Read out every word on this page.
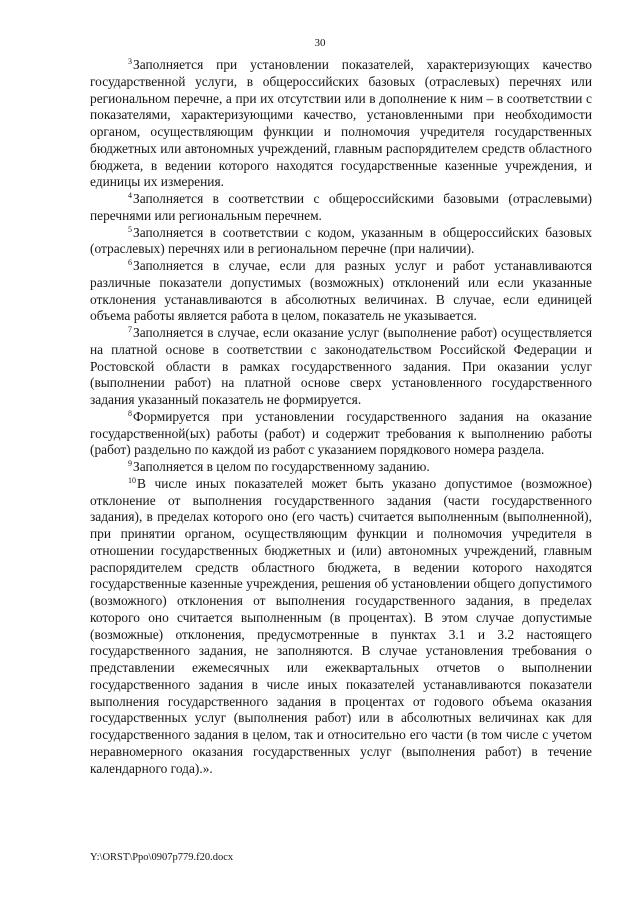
30

$^3$Заполняется при установлении показателей, характеризующих качество государственной услуги, в общероссийских базовых (отраслевых) перечнях или региональном перечне, а при их отсутствии или в дополнение к ним – в соответствии с показателями, характеризующими качество, установленными при необходимости органом, осуществляющим функции и полномочия учредителя государственных бюджетных или автономных учреждений, главным распорядителем средств областного бюджета, в ведении которого находятся государственные казенные учреждения, и единицы их измерения.

$^4$Заполняется в соответствии с общероссийскими базовыми (отраслевыми) перечнями или региональным перечнем.

$^5$Заполняется в соответствии с кодом, указанным в общероссийских базовых (отраслевых) перечнях или в региональном перечне (при наличии).

$^6$Заполняется в случае, если для разных услуг и работ устанавливаются различные показатели допустимых (возможных) отклонений или если указанные отклонения устанавливаются в абсолютных величинах. В случае, если единицей объема работы является работа в целом, показатель не указывается.

$^7$Заполняется в случае, если оказание услуг (выполнение работ) осуществляется на платной основе в соответствии с законодательством Российской Федерации и Ростовской области в рамках государственного задания. При оказании услуг (выполнении работ) на платной основе сверх установленного государственного задания указанный показатель не формируется.

$^8$Формируется при установлении государственного задания на оказание государственной(ых) работы (работ) и содержит требования к выполнению работы (работ) раздельно по каждой из работ с указанием порядкового номера раздела.

$^9$Заполняется в целом по государственному заданию.

$^{10}$В числе иных показателей может быть указано допустимое (возможное) отклонение от выполнения государственного задания (части государственного задания), в пределах которого оно (его часть) считается выполненным (выполненной), при принятии органом, осуществляющим функции и полномочия учредителя в отношении государственных бюджетных и (или) автономных учреждений, главным распорядителем средств областного бюджета, в ведении которого находятся государственные казенные учреждения, решения об установлении общего допустимого (возможного) отклонения от выполнения государственного задания, в пределах которого оно считается выполненным (в процентах). В этом случае допустимые (возможные) отклонения, предусмотренные в пунктах 3.1 и 3.2 настоящего государственного задания, не заполняются. В случае установления требования о представлении ежемесячных или ежеквартальных отчетов о выполнении государственного задания в числе иных показателей устанавливаются показатели выполнения государственного задания в процентах от годового объема оказания государственных услуг (выполнения работ) или в абсолютных величинах как для государственного задания в целом, так и относительно его части (в том числе с учетом неравномерного оказания государственных услуг (выполнения работ) в течение календарного года).».

Y:\ORST\Ppo\0907p779.f20.docx
